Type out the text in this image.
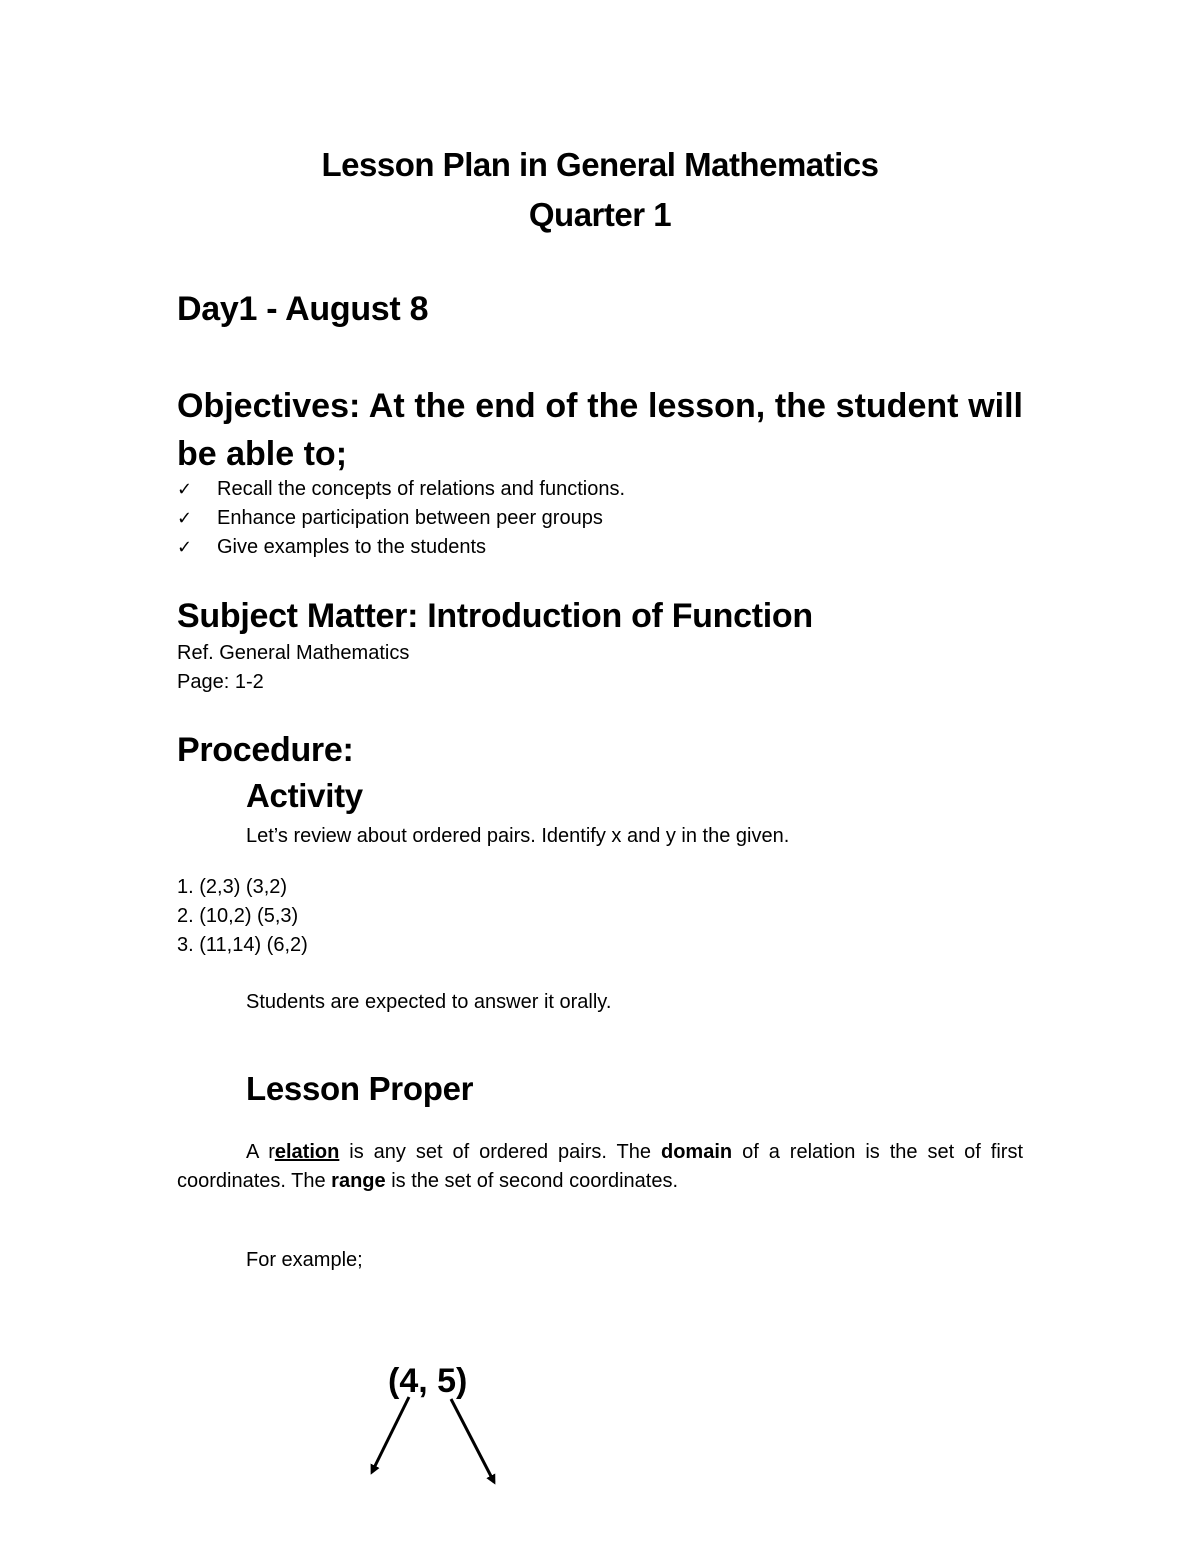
Lesson Plan in General Mathematics
Quarter 1
Day1 - August 8
Objectives: At the end of the lesson, the student will be able to;
✓ Recall the concepts of relations and functions.
✓ Enhance participation between peer groups
✓ Give examples to the students
Subject Matter: Introduction of Function
Ref. General Mathematics
Page: 1-2
Procedure:
Activity
Let’s review about ordered pairs. Identify x and y in the given.
1. (2,3) (3,2)
2. (10,2) (5,3)
3. (11,14) (6,2)
Students are expected to answer it orally.
Lesson Proper
A relation is any set of ordered pairs. The domain of a relation is the set of first coordinates. The range is the set of second coordinates.
For example;
(4, 5)
